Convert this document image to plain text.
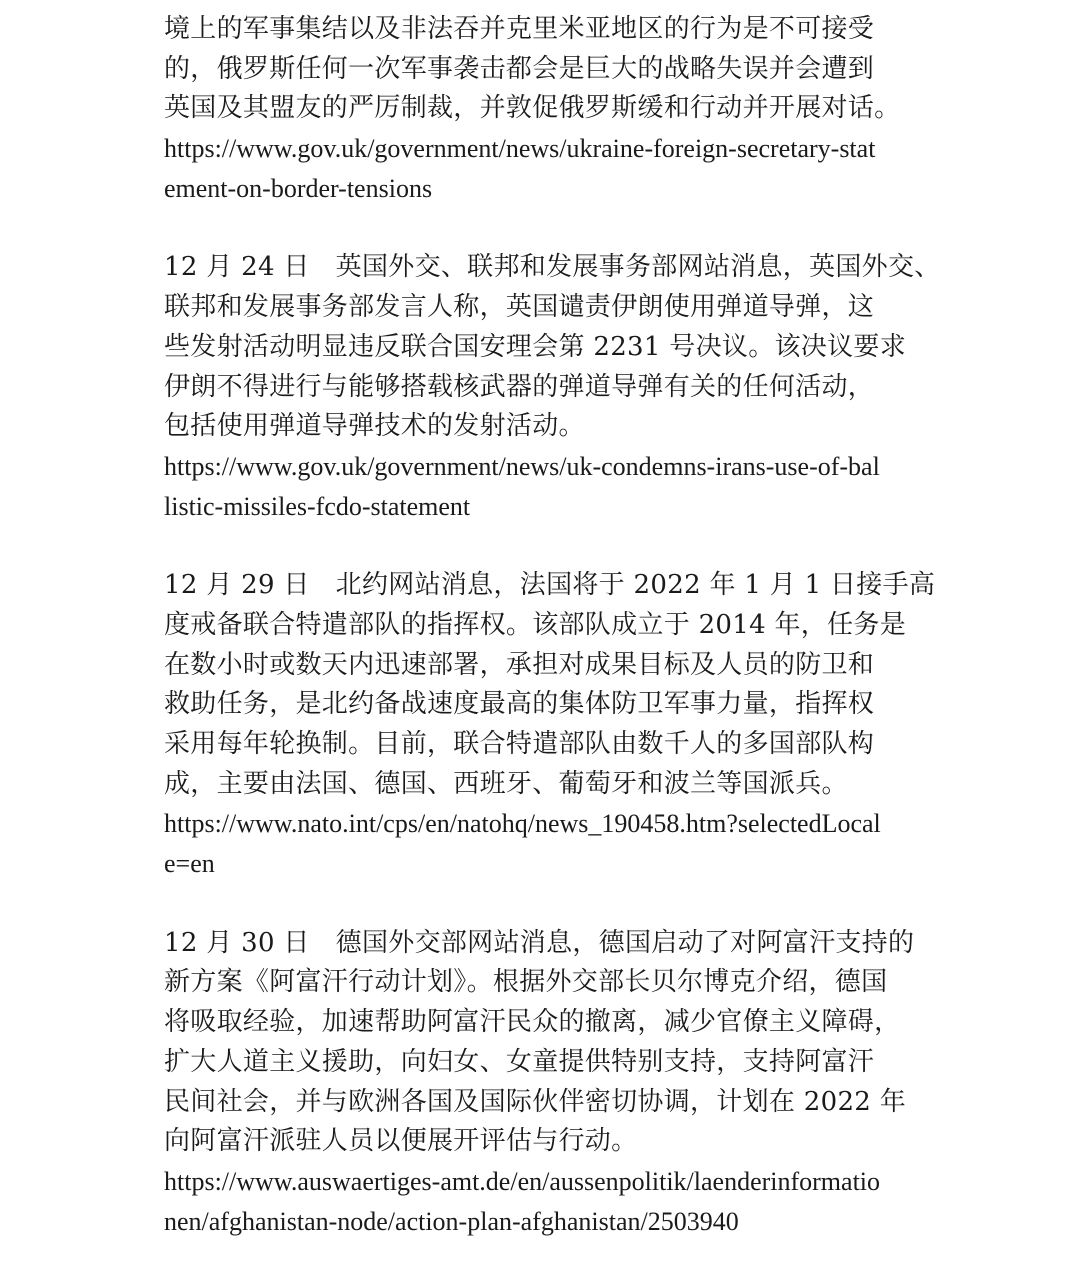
境上的军事集结以及非法吞并克里米亚地区的行为是不可接受
的，俄罗斯任何一次军事袭击都会是巨大的战略失误并会遭到
英国及其盟友的严厉制裁，并敦促俄罗斯缓和行动并开展对话。
https://www.gov.uk/government/news/ukraine-foreign-secretary-stat
ement-on-border-tensions
12 月 24 日 英国外交、联邦和发展事务部网站消息，英国外交、
联邦和发展事务部发言人称，英国谴责伊朗使用弹道导弹，这
些发射活动明显违反联合国安理会第 2231 号决议。该决议要求
伊朗不得进行与能够搭载核武器的弹道导弹有关的任何活动，
包括使用弹道导弹技术的发射活动。
https://www.gov.uk/government/news/uk-condemns-irans-use-of-bal
listic-missiles-fcdo-statement
12 月 29 日 北约网站消息，法国将于 2022 年 1 月 1 日接手高
度戒备联合特遣部队的指挥权。该部队成立于 2014 年，任务是
在数小时或数天内迅速部署，承担对成果目标及人员的防卫和
救助任务，是北约备战速度最高的集体防卫军事力量，指挥权
采用每年轮换制。目前，联合特遣部队由数千人的多国部队构
成，主要由法国、德国、西班牙、葡萄牙和波兰等国派兵。
https://www.nato.int/cps/en/natohq/news_190458.htm?selectedLocal
e=en
12 月 30 日 德国外交部网站消息，德国启动了对阿富汗支持的
新方案《阿富汗行动计划》。根据外交部长贝尔博克介绍，德国
将吸取经验，加速帮助阿富汗民众的撤离，减少官僚主义障碍，
扩大人道主义援助，向妇女、女童提供特别支持，支持阿富汗
民间社会，并与欧洲各国及国际伙伴密切协调，计划在 2022 年
向阿富汗派驻人员以便展开评估与行动。
https://www.auswaertiges-amt.de/en/aussenpolitik/laenderinformatio
nen/afghanistan-node/action-plan-afghanistan/2503940
